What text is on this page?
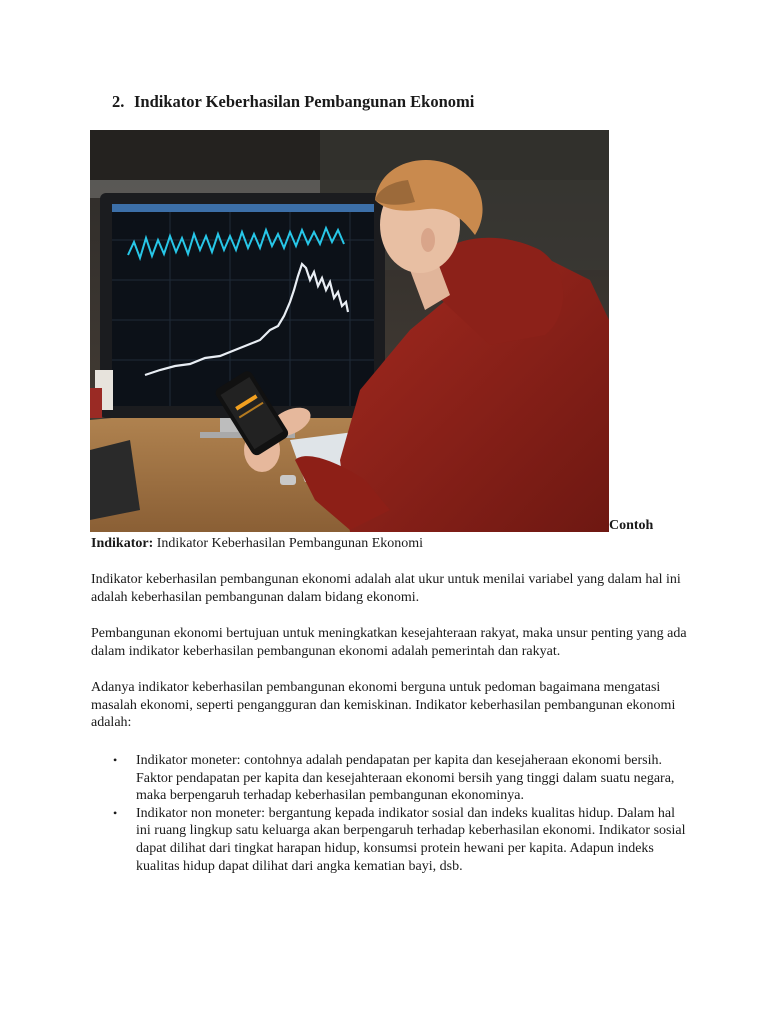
2. Indikator Keberhasilan Pembangunan Ekonomi
Contoh
Indikator: Indikator Keberhasilan Pembangunan Ekonomi

Indikator keberhasilan pembangunan ekonomi adalah alat ukur untuk menilai variabel yang dalam hal ini adalah keberhasilan pembangunan dalam bidang ekonomi.

Pembangunan ekonomi bertujuan untuk meningkatkan kesejahteraan rakyat, maka unsur penting yang ada dalam indikator keberhasilan pembangunan ekonomi adalah pemerintah dan rakyat.

Adanya indikator keberhasilan pembangunan ekonomi berguna untuk pedoman bagaimana mengatasi masalah ekonomi, seperti pengangguran dan kemiskinan. Indikator keberhasilan pembangunan ekonomi adalah:

• Indikator moneter: contohnya adalah pendapatan per kapita dan kesejaheraan ekonomi bersih. Faktor pendapatan per kapita dan kesejahteraan ekonomi bersih yang tinggi dalam suatu negara, maka berpengaruh terhadap keberhasilan pembangunan ekonominya.
• Indikator non moneter: bergantung kepada indikator sosial dan indeks kualitas hidup. Dalam hal ini ruang lingkup satu keluarga akan berpengaruh terhadap keberhasilan ekonomi. Indikator sosial dapat dilihat dari tingkat harapan hidup, konsumsi protein hewani per kapita. Adapun indeks kualitas hidup dapat dilihat dari angka kematian bayi, dsb.
